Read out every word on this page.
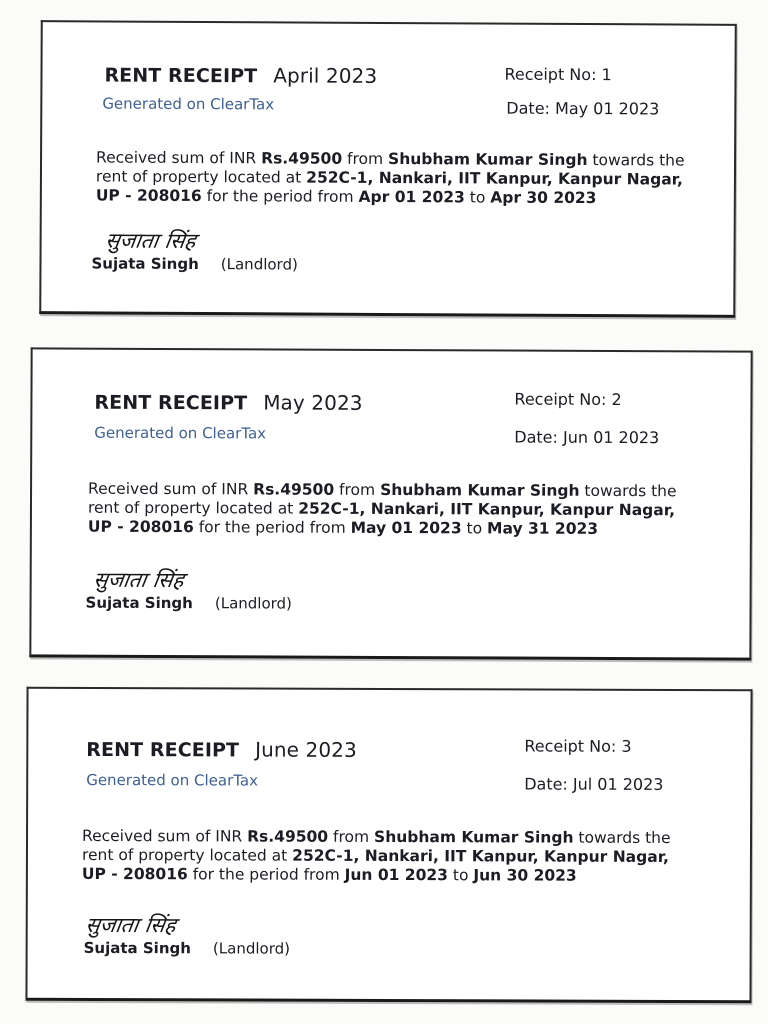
RENT RECEIPT April 2023	Receipt No: 1
Generated on ClearTax	Date: May 01 2023

Received sum of INR Rs.49500 from Shubham Kumar Singh towards the rent of property located at 252C-1, Nankari, IIT Kanpur, Kanpur Nagar, UP - 208016 for the period from Apr 01 2023 to Apr 30 2023

सुजाता सिंह
Sujata Singh (Landlord)
RENT RECEIPT May 2023	Receipt No: 2
Generated on ClearTax	Date: Jun 01 2023

Received sum of INR Rs.49500 from Shubham Kumar Singh towards the rent of property located at 252C-1, Nankari, IIT Kanpur, Kanpur Nagar, UP - 208016 for the period from May 01 2023 to May 31 2023

सुजाता सिंह
Sujata Singh (Landlord)
RENT RECEIPT June 2023	Receipt No: 3
Generated on ClearTax	Date: Jul 01 2023

Received sum of INR Rs.49500 from Shubham Kumar Singh towards the rent of property located at 252C-1, Nankari, IIT Kanpur, Kanpur Nagar, UP - 208016 for the period from Jun 01 2023 to Jun 30 2023

सुजाता सिंह
Sujata Singh (Landlord)
